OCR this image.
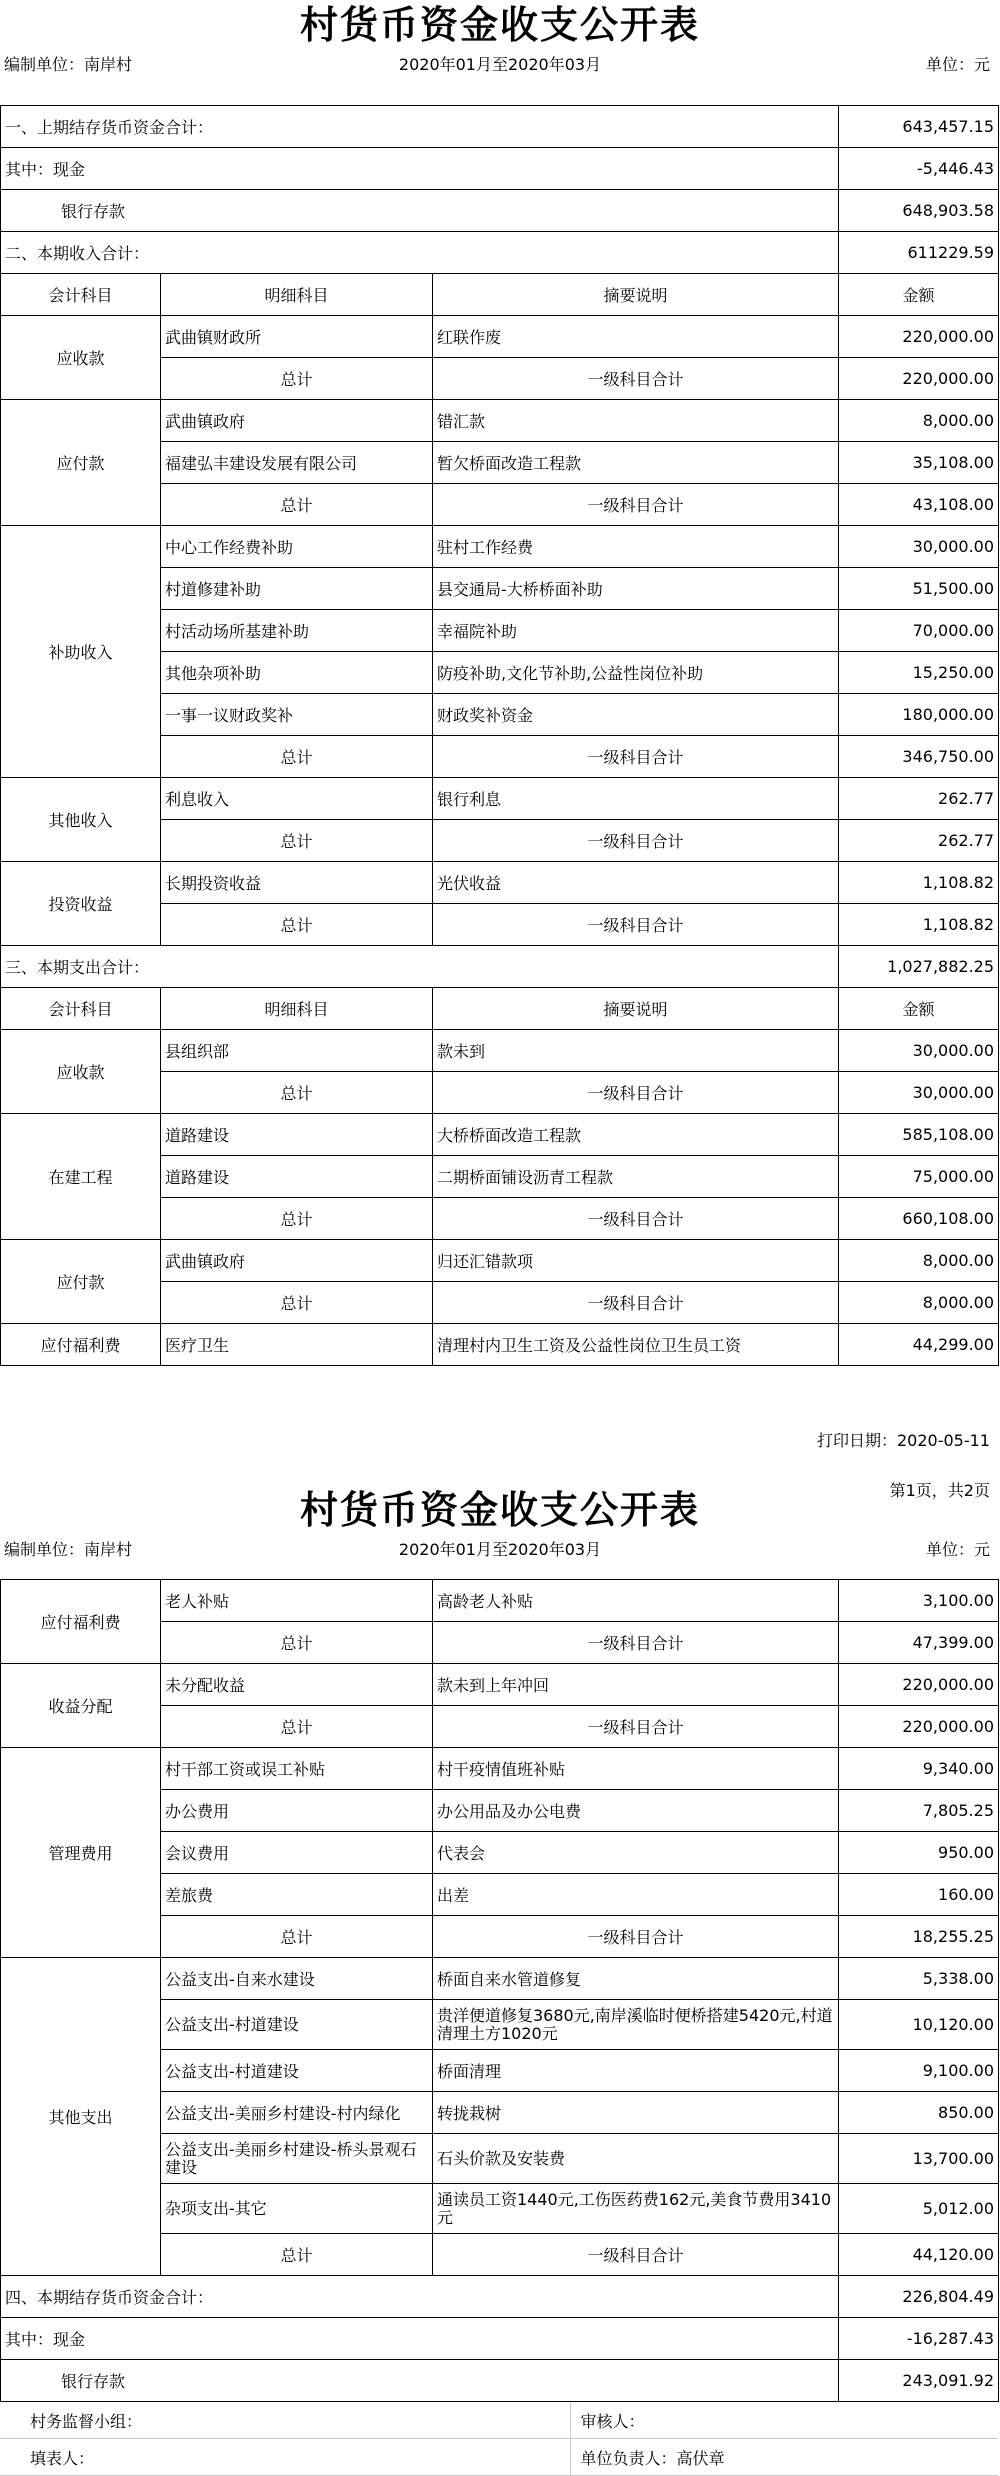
村货币资金收支公开表
编制单位：南岸村	2020年01月至2020年03月	单位：元
一、上期结存货币资金合计：			643,457.15
其中：现金			-5,446.43
银行存款			648,903.58
二、本期收入合计：			611229.59
会计科目	明细科目	摘要说明	金额
应收款	武曲镇财政所	红联作废	220,000.00
	总计	一级科目合计	220,000.00
应付款	武曲镇政府	错汇款	8,000.00
	福建弘丰建设发展有限公司	暂欠桥面改造工程款	35,108.00
	总计	一级科目合计	43,108.00
补助收入	中心工作经费补助	驻村工作经费	30,000.00
	村道修建补助	县交通局-大桥桥面补助	51,500.00
	村活动场所基建补助	幸福院补助	70,000.00
	其他杂项补助	防疫补助,文化节补助,公益性岗位补助	15,250.00
	一事一议财政奖补	财政奖补资金	180,000.00
	总计	一级科目合计	346,750.00
其他收入	利息收入	银行利息	262.77
	总计	一级科目合计	262.77
投资收益	长期投资收益	光伏收益	1,108.82
	总计	一级科目合计	1,108.82
三、本期支出合计：			1,027,882.25
会计科目	明细科目	摘要说明	金额
应收款	县组织部	款未到	30,000.00
	总计	一级科目合计	30,000.00
在建工程	道路建设	大桥桥面改造工程款	585,108.00
	道路建设	二期桥面铺设沥青工程款	75,000.00
	总计	一级科目合计	660,108.00
应付款	武曲镇政府	归还汇错款项	8,000.00
	总计	一级科目合计	8,000.00
应付福利费	医疗卫生	清理村内卫生工资及公益性岗位卫生员工资	44,299.00
打印日期：2020-05-11
第1页，共2页
村货币资金收支公开表
编制单位：南岸村	2020年01月至2020年03月	单位：元
应付福利费	老人补贴	高龄老人补贴	3,100.00
	总计	一级科目合计	47,399.00
收益分配	未分配收益	款未到上年冲回	220,000.00
	总计	一级科目合计	220,000.00
管理费用	村干部工资或误工补贴	村干疫情值班补贴	9,340.00
	办公费用	办公用品及办公电费	7,805.25
	会议费用	代表会	950.00
	差旅费	出差	160.00
	总计	一级科目合计	18,255.25
其他支出	公益支出-自来水建设	桥面自来水管道修复	5,338.00
	公益支出-村道建设	贵洋便道修复3680元,南岸溪临时便桥搭建5420元,村道清理土方1020元	10,120.00
	公益支出-村道建设	桥面清理	9,100.00
	公益支出-美丽乡村建设-村内绿化	转拢栽树	850.00
	公益支出-美丽乡村建设-桥头景观石建设	石头价款及安装费	13,700.00
	杂项支出-其它	通读员工资1440元,工伤医药费162元,美食节费用3410元	5,012.00
	总计	一级科目合计	44,120.00
四、本期结存货币资金合计：			226,804.49
其中：现金			-16,287.43
银行存款			243,091.92
村务监督小组：	审核人：
填表人：	单位负责人：高伏章
